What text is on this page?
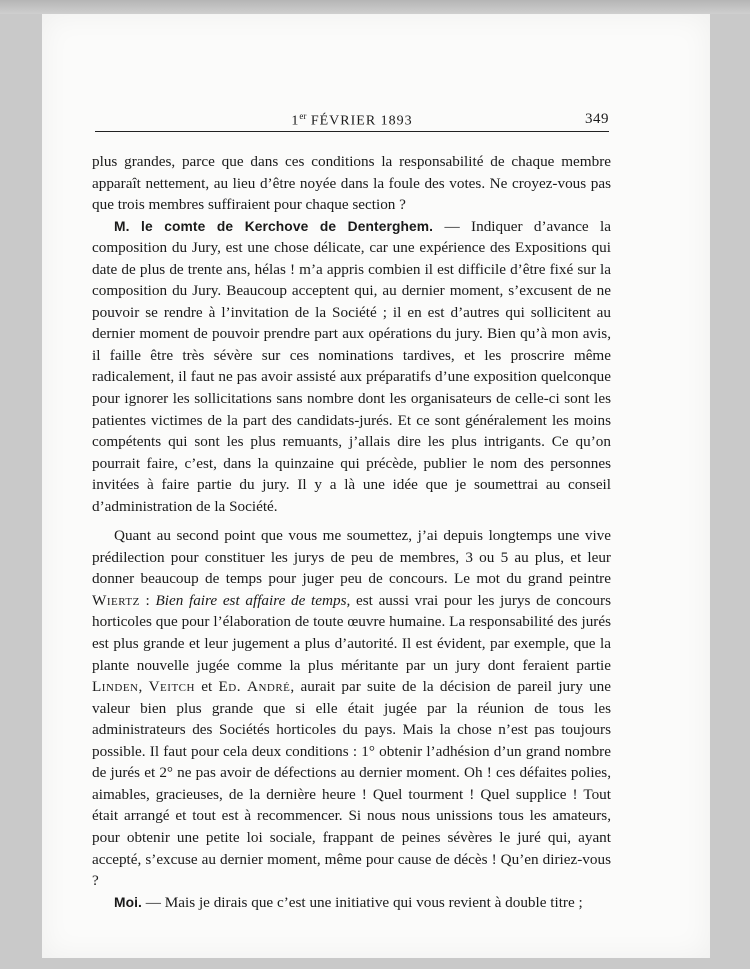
1er FÉVRIER 1893	349

plus grandes, parce que dans ces conditions la responsabilité de chaque membre apparaît nettement, au lieu d’être noyée dans la foule des votes. Ne croyez-vous pas que trois membres suffiraient pour chaque section ?

M. le comte de Kerchove de Denterghem. — Indiquer d’avance la composition du Jury, est une chose délicate, car une expérience des Expositions qui date de plus de trente ans, hélas ! m’a appris combien il est difficile d’être fixé sur la composition du Jury. Beaucoup acceptent qui, au dernier moment, s’excusent de ne pouvoir se rendre à l’invitation de la Société ; il en est d’autres qui sollicitent au dernier moment de pouvoir prendre part aux opérations du jury. Bien qu’à mon avis, il faille être très sévère sur ces nominations tardives, et les proscrire même radicalement, il faut ne pas avoir assisté aux préparatifs d’une exposition quelconque pour ignorer les sollicitations sans nombre dont les organisateurs de celle-ci sont les patientes victimes de la part des candidats-jurés. Et ce sont généralement les moins compétents qui sont les plus remuants, j’allais dire les plus intrigants. Ce qu’on pourrait faire, c’est, dans la quinzaine qui précède, publier le nom des personnes invitées à faire partie du jury. Il y a là une idée que je soumettrai au conseil d’administration de la Société.

Quant au second point que vous me soumettez, j’ai depuis longtemps une vive prédilection pour constituer les jurys de peu de membres, 3 ou 5 au plus, et leur donner beaucoup de temps pour juger peu de concours. Le mot du grand peintre Wiertz : Bien faire est affaire de temps, est aussi vrai pour les jurys de concours horticoles que pour l’élaboration de toute œuvre humaine. La responsabilité des jurés est plus grande et leur jugement a plus d’autorité. Il est évident, par exemple, que la plante nouvelle jugée comme la plus méritante par un jury dont feraient partie Linden, Veitch et Ed. André, aurait par suite de la décision de pareil jury une valeur bien plus grande que si elle était jugée par la réunion de tous les administrateurs des Sociétés horticoles du pays. Mais la chose n’est pas toujours possible. Il faut pour cela deux conditions : 1° obtenir l’adhésion d’un grand nombre de jurés et 2° ne pas avoir de défections au dernier moment. Oh ! ces défaites polies, aimables, gracieuses, de la dernière heure ! Quel tourment ! Quel supplice ! Tout était arrangé et tout est à recommencer. Si nous nous unissions tous les amateurs, pour obtenir une petite loi sociale, frappant de peines sévères le juré qui, ayant accepté, s’excuse au dernier moment, même pour cause de décès ! Qu’en diriez-vous ?

Moi. — Mais je dirais que c’est une initiative qui vous revient à double titre ;
